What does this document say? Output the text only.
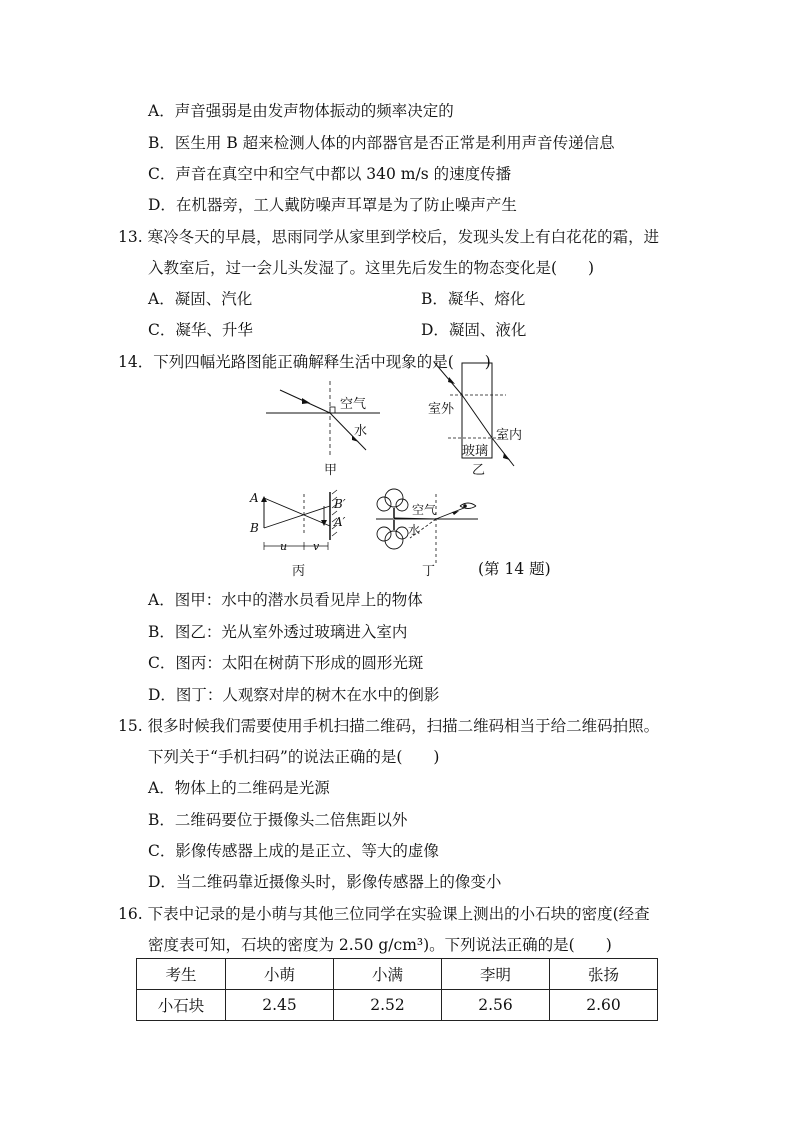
A．声音强弱是由发声物体振动的频率决定的
B．医生用 B 超来检测人体的内部器官是否正常是利用声音传递信息
C．声音在真空中和空气中都以 340 m/s 的速度传播
D．在机器旁，工人戴防噪声耳罩是为了防止噪声产生
13. 寒冷冬天的早晨，思雨同学从家里到学校后，发现头发上有白花花的霜，进
入教室后，过一会儿头发湿了。这里先后发生的物态变化是(　　)
A．凝固、汽化	B．凝华、熔化
C．凝华、升华	D．凝固、液化
14．下列四幅光路图能正确解释生活中现象的是(　　)
空气
水
甲
室外
室内
玻璃
乙
A
B
B′
A′
u v
丙
空气
水
丁	(第 14 题)
A．图甲：水中的潜水员看见岸上的物体
B．图乙：光从室外透过玻璃进入室内
C．图丙：太阳在树荫下形成的圆形光斑
D．图丁：人观察对岸的树木在水中的倒影
15. 很多时候我们需要使用手机扫描二维码，扫描二维码相当于给二维码拍照。
下列关于“手机扫码”的说法正确的是(　　)
A．物体上的二维码是光源
B．二维码要位于摄像头二倍焦距以外
C．影像传感器上成的是正立、等大的虚像
D．当二维码靠近摄像头时，影像传感器上的像变小
16. 下表中记录的是小萌与其他三位同学在实验课上测出的小石块的密度(经查
密度表可知，石块的密度为 2.50 g/cm³)。下列说法正确的是(　　)
考生	小萌	小满	李明	张扬
小石块	2.45	2.52	2.56	2.60
